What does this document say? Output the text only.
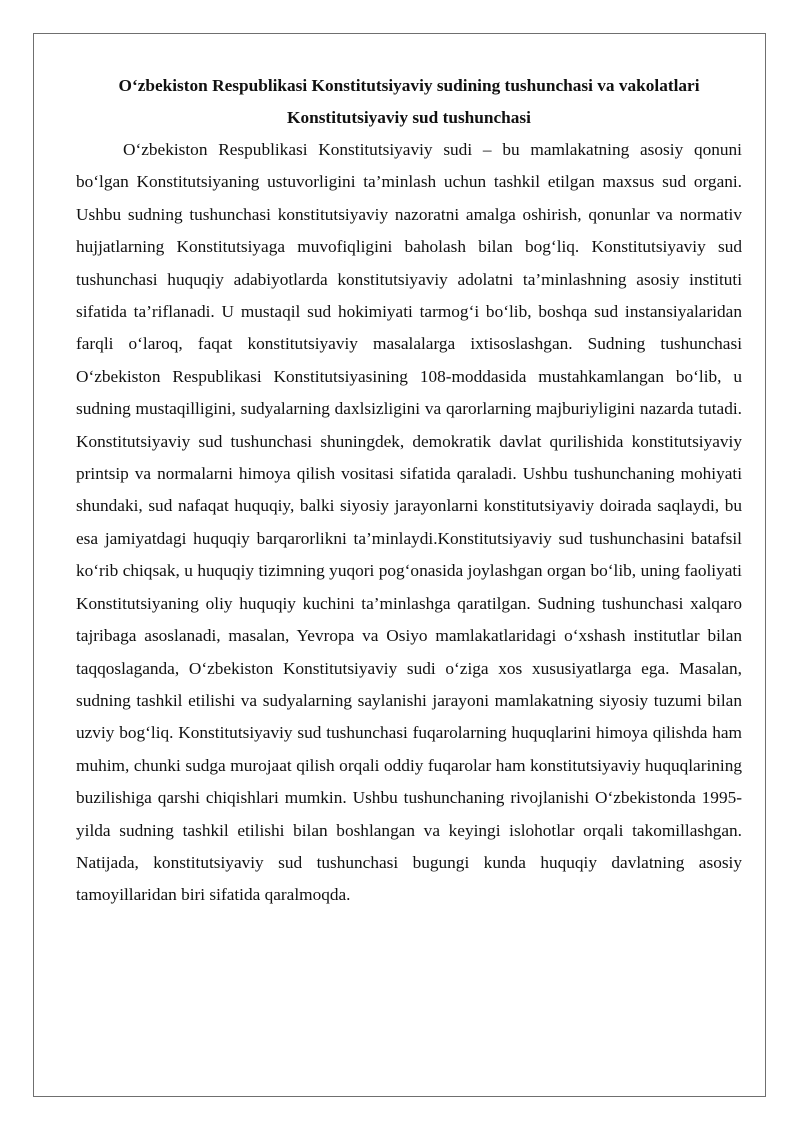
O‘zbekiston Respublikasi Konstitutsiyaviy sudining tushunchasi va vakolatlari
Konstitutsiyaviy sud tushunchasi

O‘zbekiston Respublikasi Konstitutsiyaviy sudi – bu mamlakatning asosiy qonuni bo‘lgan Konstitutsiyaning ustuvorligini ta’minlash uchun tashkil etilgan maxsus sud organi. Ushbu sudning tushunchasi konstitutsiyaviy nazoratni amalga oshirish, qonunlar va normativ hujjatlarning Konstitutsiyaga muvofiqligini baholash bilan bog‘liq. Konstitutsiyaviy sud tushunchasi huquqiy adabiyotlarda konstitutsiyaviy adolatni ta’minlashning asosiy instituti sifatida ta’riflanadi. U mustaqil sud hokimiyati tarmog‘i bo‘lib, boshqa sud instansiyalaridan farqli o‘laroq, faqat konstitutsiyaviy masalalarga ixtisoslashgan. Sudning tushunchasi O‘zbekiston Respublikasi Konstitutsiyasining 108-moddasida mustahkamlangan bo‘lib, u sudning mustaqilligini, sudyalarning daxlsizligini va qarorlarning majburiyligini nazarda tutadi. Konstitutsiyaviy sud tushunchasi shuningdek, demokratik davlat qurilishida konstitutsiyaviy printsip va normalarni himoya qilish vositasi sifatida qaraladi. Ushbu tushunchaning mohiyati shundaki, sud nafaqat huquqiy, balki siyosiy jarayonlarni konstitutsiyaviy doirada saqlaydi, bu esa jamiyatdagi huquqiy barqarorlikni ta’minlaydi.Konstitutsiyaviy sud tushunchasini batafsil ko‘rib chiqsak, u huquqiy tizimning yuqori pog‘onasida joylashgan organ bo‘lib, uning faoliyati Konstitutsiyaning oliy huquqiy kuchini ta’minlashga qaratilgan. Sudning tushunchasi xalqaro tajribaga asoslanadi, masalan, Yevropa va Osiyo mamlakatlaridagi o‘xshash institutlar bilan taqqoslaganda, O‘zbekiston Konstitutsiyaviy sudi o‘ziga xos xususiyatlarga ega. Masalan, sudning tashkil etilishi va sudyalarning saylanishi jarayoni mamlakatning siyosiy tuzumi bilan uzviy bog‘liq. Konstitutsiyaviy sud tushunchasi fuqarolarning huquqlarini himoya qilishda ham muhim, chunki sudga murojaat qilish orqali oddiy fuqarolar ham konstitutsiyaviy huquqlarining buzilishiga qarshi chiqishlari mumkin. Ushbu tushunchaning rivojlanishi O‘zbekistonda 1995-yilda sudning tashkil etilishi bilan boshlangan va keyingi islohotlar orqali takomillashgan. Natijada, konstitutsiyaviy sud tushunchasi bugungi kunda huquqiy davlatning asosiy tamoyillaridan biri sifatida qaralmoqda.
